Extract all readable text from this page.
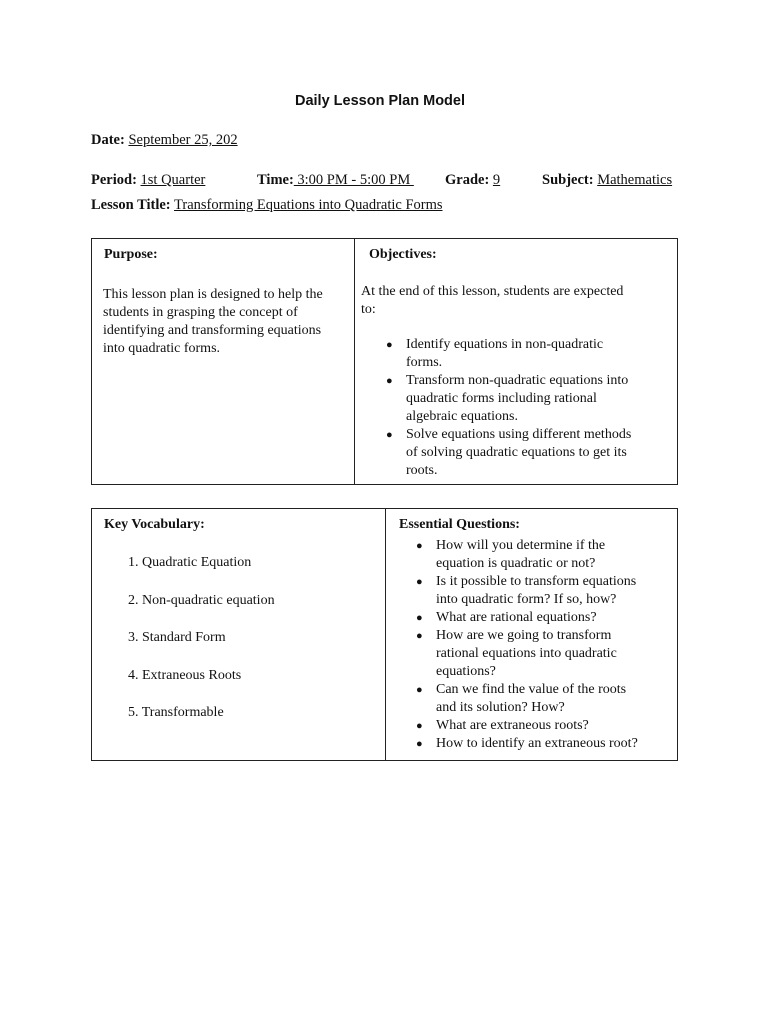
Daily Lesson Plan Model
Date: September 25, 202
Period: 1st Quarter	Time: 3:00 PM - 5:00 PM Grade: 9	Subject: Mathematics
Lesson Title: Transforming Equations into Quadratic Forms
Purpose:
This lesson plan is designed to help the
students in grasping the concept of
identifying and transforming equations
into quadratic forms.
Objectives:
At the end of this lesson, students are expected
to:
● Identify equations in non-quadratic
forms.
● Transform non-quadratic equations into
quadratic forms including rational
algebraic equations.
● Solve equations using different methods
of solving quadratic equations to get its
roots.
Key Vocabulary:
1. Quadratic Equation
2. Non-quadratic equation
3. Standard Form
4. Extraneous Roots
5. Transformable
Essential Questions:
● How will you determine if the
equation is quadratic or not?
● Is it possible to transform equations
into quadratic form? If so, how?
● What are rational equations?
● How are we going to transform
rational equations into quadratic
equations?
● Can we find the value of the roots
and its solution? How?
● What are extraneous roots?
● How to identify an extraneous root?
